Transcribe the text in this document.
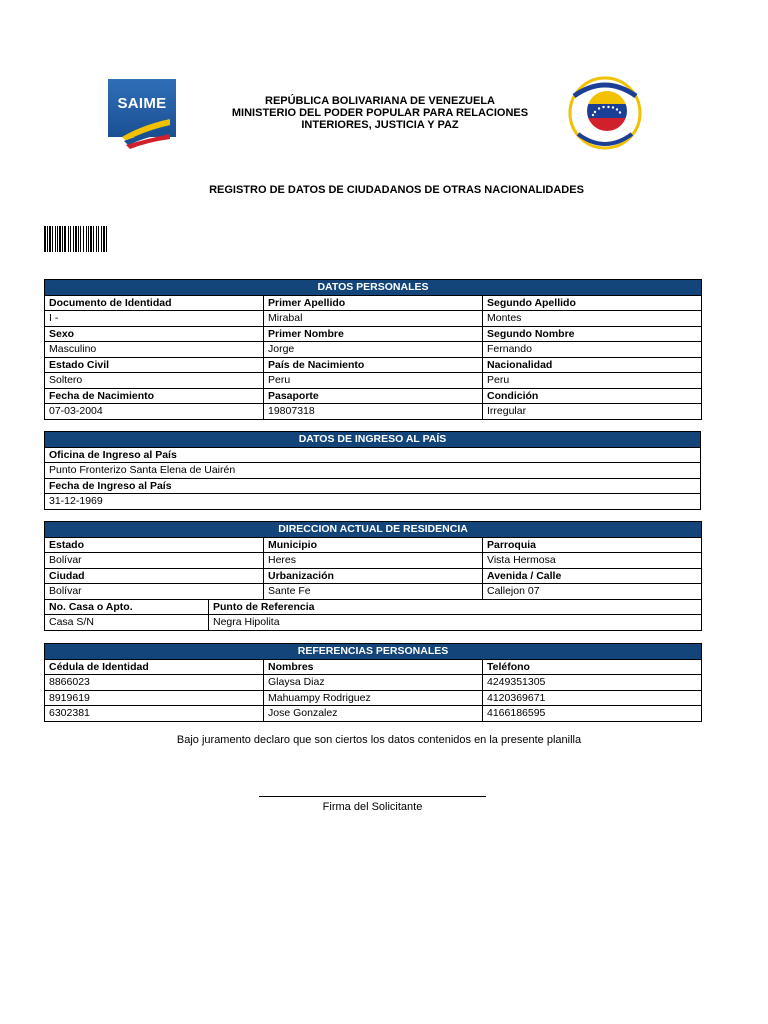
SAIME	REPÚBLICA BOLIVARIANA DE VENEZUELA
MINISTERIO DEL PODER POPULAR PARA RELACIONES
INTERIORES, JUSTICIA Y PAZ
REGISTRO DE DATOS DE CIUDADANOS DE OTRAS NACIONALIDADES
DATOS PERSONALES		
Documento de Identidad	Primer Apellido	Segundo Apellido
I -	Mirabal	Montes
Sexo	Primer Nombre	Segundo Nombre
Masculino	Jorge	Fernando
Estado Civil	País de Nacimiento	Nacionalidad
Soltero	Peru	Peru
Fecha de Nacimiento	Pasaporte	Condición
07-03-2004	19807318	Irregular
DATOS DE INGRESO AL PAÍS
Oficina de Ingreso al País
Punto Fronterizo Santa Elena de Uairén
Fecha de Ingreso al País
31-12-1969
DIRECCION ACTUAL DE RESIDENCIA			
Estado		Municipio	Parroquia
Bolívar		Heres	Vista Hermosa
Ciudad		Urbanización	Avenida / Calle
Bolívar		Sante Fe	Callejon 07
No. Casa o Apto.	Punto de Referencia		
Casa S/N	Negra Hipolita		
REFERENCIAS PERSONALES		
Cédula de Identidad	Nombres	Teléfono
8866023	Glaysa Diaz	4249351305
8919619	Mahuampy Rodriguez	4120369671
6302381	Jose Gonzalez	4166186595
Bajo juramento declaro que son ciertos los datos contenidos en la presente planilla
Firma del Solicitante
